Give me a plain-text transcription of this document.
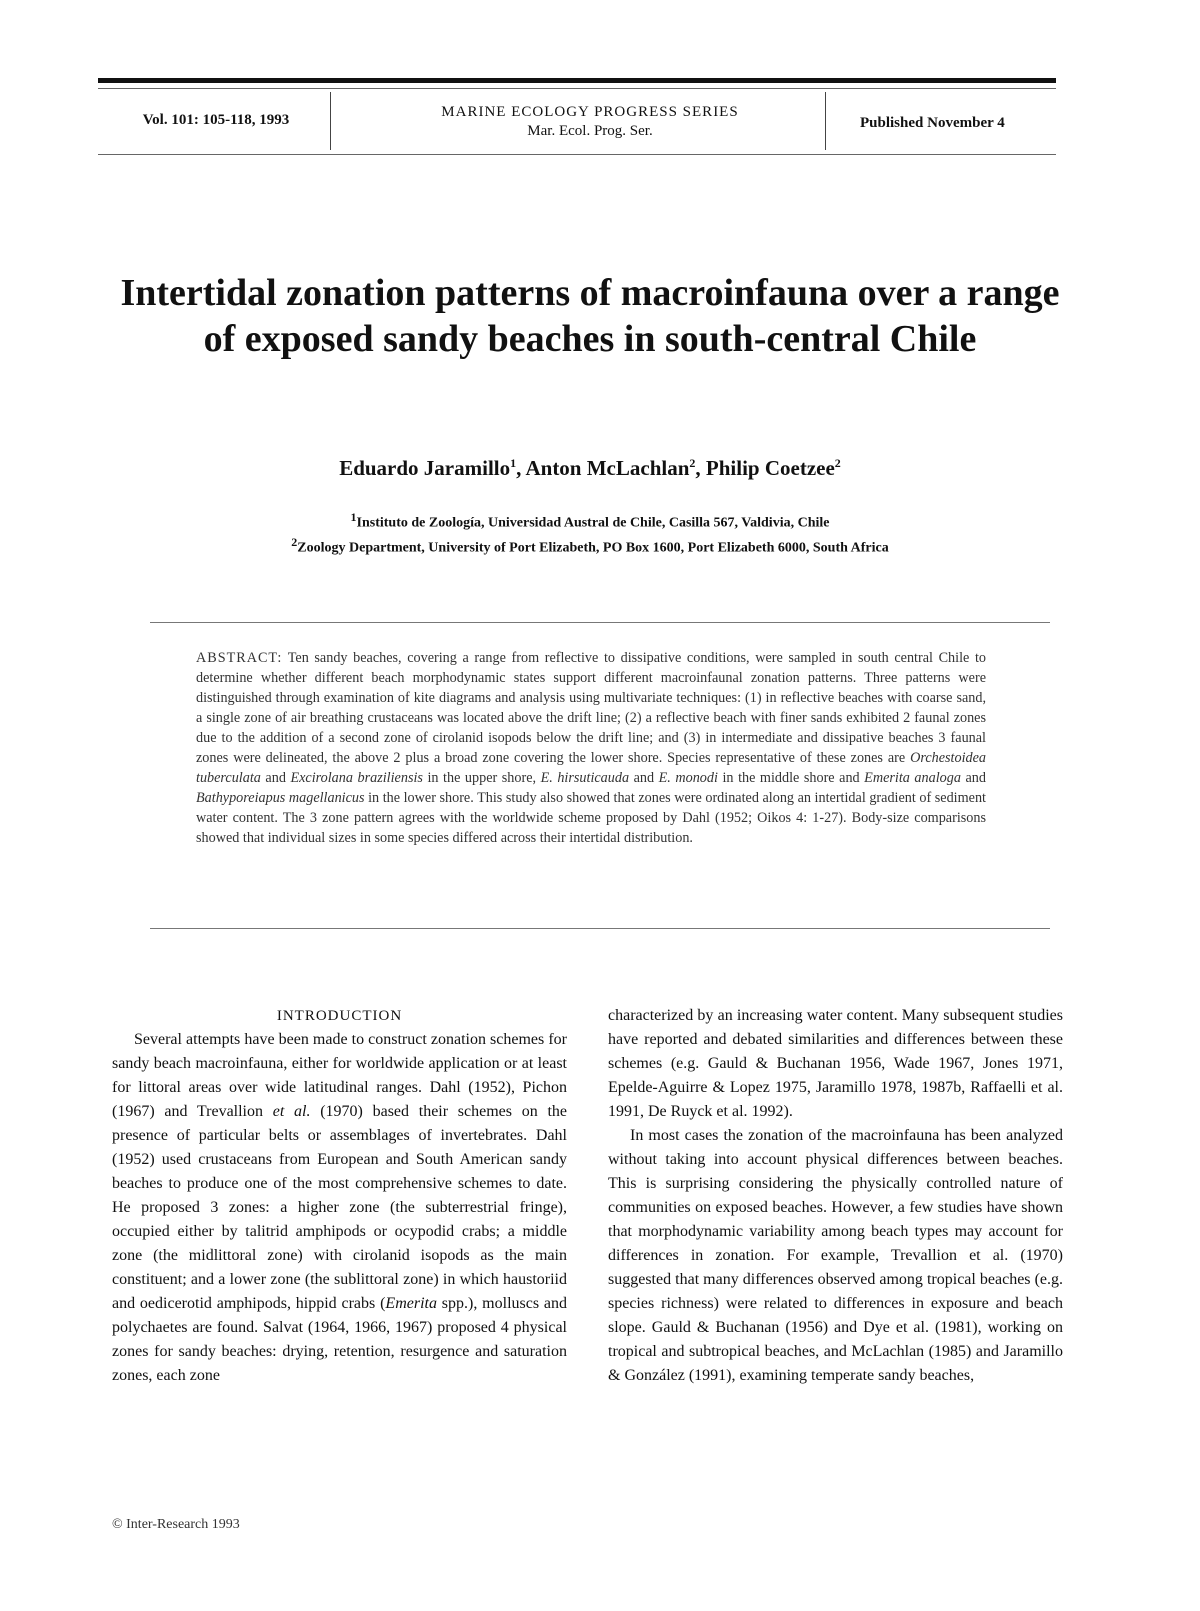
Vol. 101: 105-118, 1993	MARINE ECOLOGY PROGRESS SERIES
Mar. Ecol. Prog. Ser.	Published November 4
Intertidal zonation patterns of macroinfauna over a range of exposed sandy beaches in south-central Chile
Eduardo Jaramillo$^1$, Anton McLachlan$^2$, Philip Coetzee$^2$
$^1$Instituto de Zoología, Universidad Austral de Chile, Casilla 567, Valdivia, Chile
$^2$Zoology Department, University of Port Elizabeth, PO Box 1600, Port Elizabeth 6000, South Africa
ABSTRACT: Ten sandy beaches, covering a range from reflective to dissipative conditions, were sampled in south central Chile to determine whether different beach morphodynamic states support different macroinfaunal zonation patterns. Three patterns were distinguished through examination of kite diagrams and analysis using multivariate techniques: (1) in reflective beaches with coarse sand, a single zone of air breathing crustaceans was located above the drift line; (2) a reflective beach with finer sands exhibited 2 faunal zones due to the addition of a second zone of cirolanid isopods below the drift line; and (3) in intermediate and dissipative beaches 3 faunal zones were delineated, the above 2 plus a broad zone covering the lower shore. Species representative of these zones are Orchestoidea tuberculata and Excirolana braziliensis in the upper shore, E. hirsuticauda and E. monodi in the middle shore and Emerita analoga and Bathyporeiapus magellanicus in the lower shore. This study also showed that zones were ordinated along an intertidal gradient of sediment water content. The 3 zone pattern agrees with the worldwide scheme proposed by Dahl (1952; Oikos 4: 1-27). Body-size comparisons showed that individual sizes in some species differed across their intertidal distribution.

INTRODUCTION

Several attempts have been made to construct zonation schemes for sandy beach macroinfauna, either for worldwide application or at least for littoral areas over wide latitudinal ranges. Dahl (1952), Pichon (1967) and Trevallion et al. (1970) based their schemes on the presence of particular belts or assemblages of invertebrates. Dahl (1952) used crustaceans from European and South American sandy beaches to produce one of the most comprehensive schemes to date. He proposed 3 zones: a higher zone (the subterrestrial fringe), occupied either by talitrid amphipods or ocypodid crabs; a middle zone (the midlittoral zone) with cirolanid isopods as the main constituent; and a lower zone (the sublittoral zone) in which haustoriid and oedicerotid amphipods, hippid crabs (Emerita spp.), molluscs and polychaetes are found. Salvat (1964, 1966, 1967) proposed 4 physical zones for sandy beaches: drying, retention, resurgence and saturation zones, each zone

characterized by an increasing water content. Many subsequent studies have reported and debated similarities and differences between these schemes (e.g. Gauld & Buchanan 1956, Wade 1967, Jones 1971, Epelde-Aguirre & Lopez 1975, Jaramillo 1978, 1987b, Raffaelli et al. 1991, De Ruyck et al. 1992).

In most cases the zonation of the macroinfauna has been analyzed without taking into account physical differences between beaches. This is surprising considering the physically controlled nature of communities on exposed beaches. However, a few studies have shown that morphodynamic variability among beach types may account for differences in zonation. For example, Trevallion et al. (1970) suggested that many differences observed among tropical beaches (e.g. species richness) were related to differences in exposure and beach slope. Gauld & Buchanan (1956) and Dye et al. (1981), working on tropical and subtropical beaches, and McLachlan (1985) and Jaramillo & González (1991), examining temperate sandy beaches,

© Inter-Research 1993
